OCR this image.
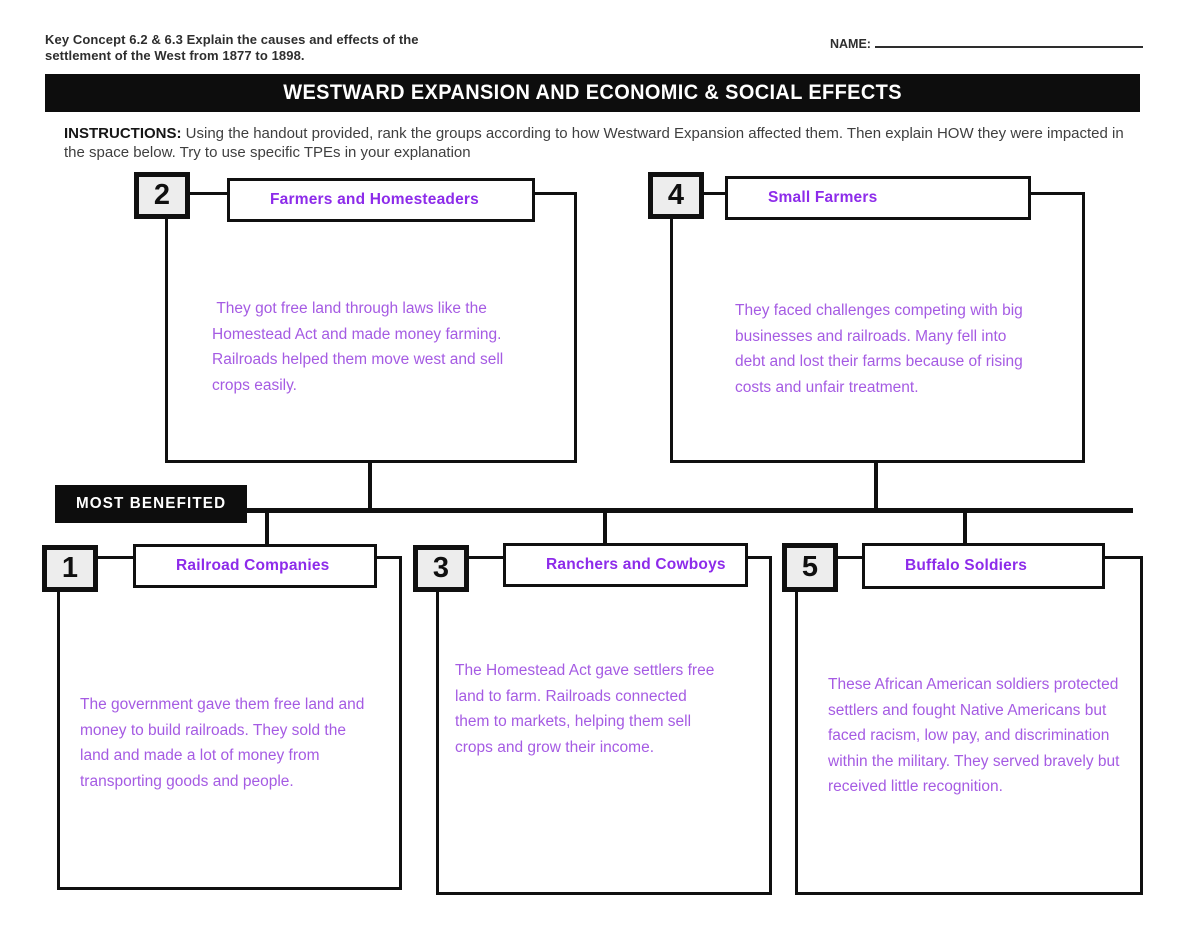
Key Concept 6.2 & 6.3 Explain the causes and effects of the
settlement of the West from 1877 to 1898.
NAME:
WESTWARD EXPANSION AND ECONOMIC & SOCIAL EFFECTS

INSTRUCTIONS: Using the handout provided, rank the groups according to how Westward Expansion affected them. Then explain HOW they were impacted in the space below. Try to use specific TPEs in your explanation

2	Farmers and Homesteaders
They got free land through laws like the Homestead Act and made money farming. Railroads helped them move west and sell crops easily.
4	Small Farmers
They faced challenges competing with big businesses and railroads. Many fell into debt and lost their farms because of rising costs and unfair treatment.
MOST BENEFITED
1	Railroad Companies
The government gave them free land and money to build railroads. They sold the land and made a lot of money from transporting goods and people.
3	Ranchers and Cowboys
The Homestead Act gave settlers free land to farm. Railroads connected them to markets, helping them sell crops and grow their income.
5	Buffalo Soldiers
These African American soldiers protected settlers and fought Native Americans but faced racism, low pay, and discrimination within the military. They served bravely but received little recognition.
